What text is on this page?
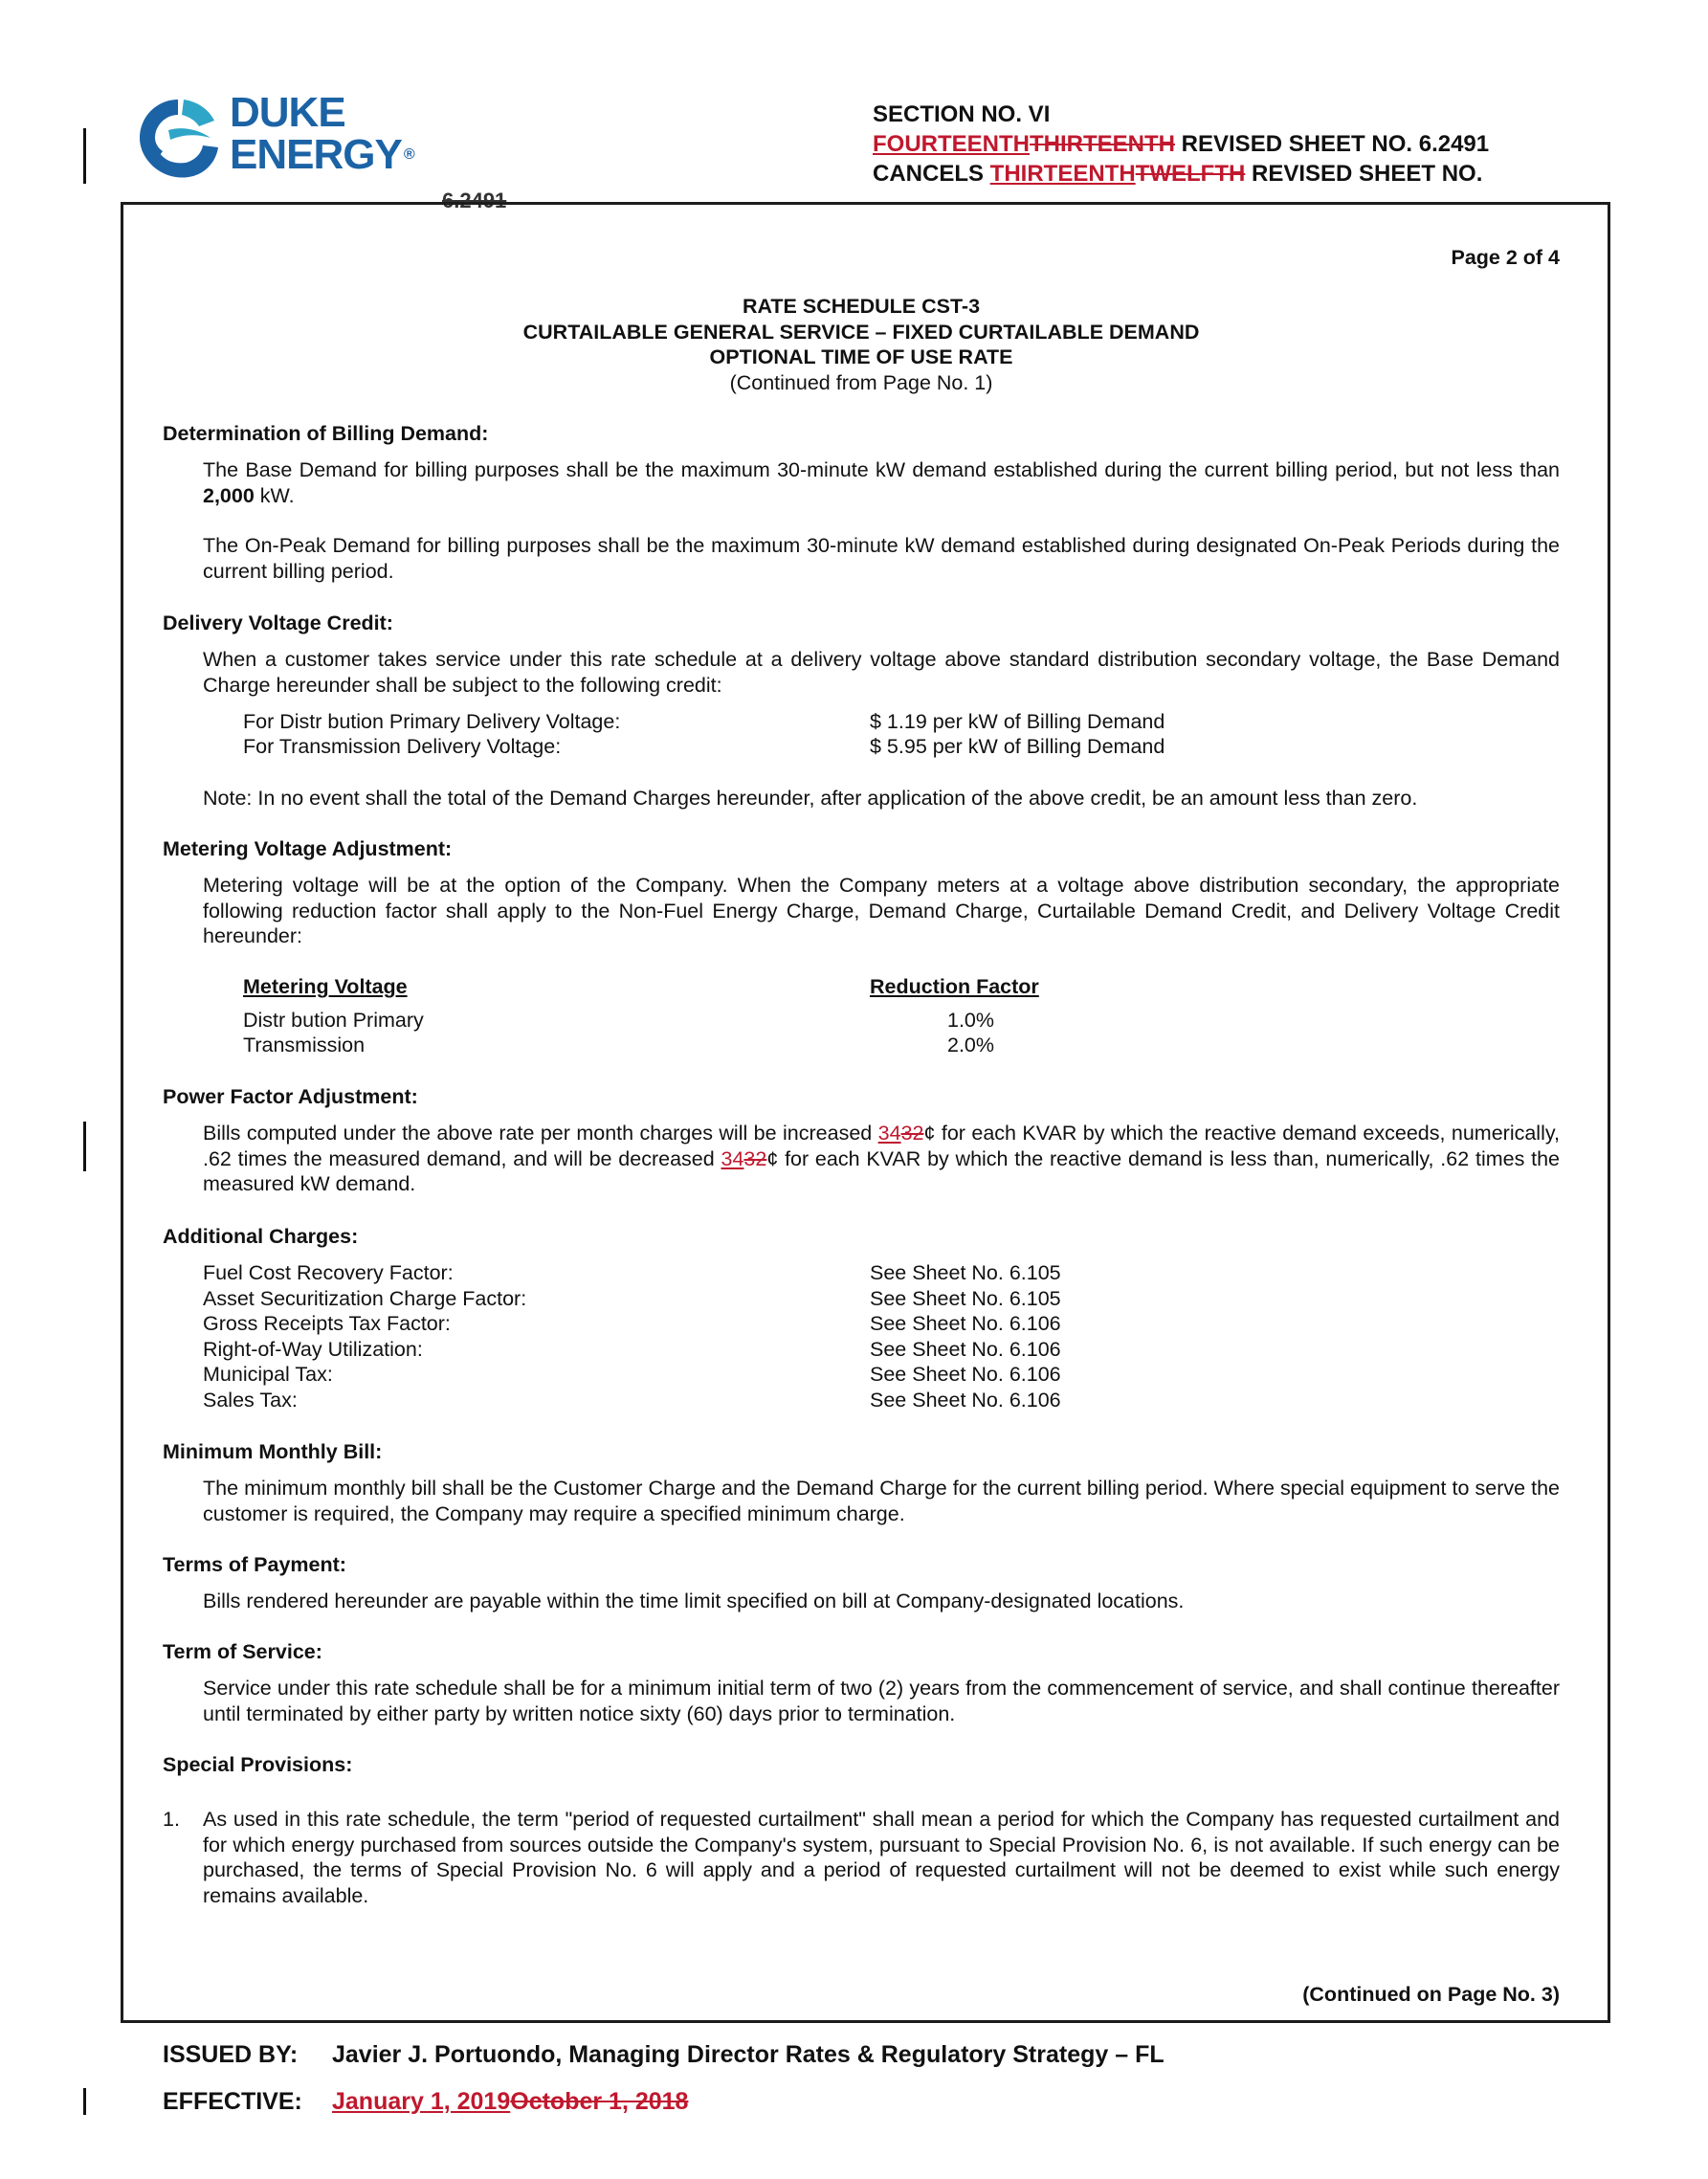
DUKE
ENERGY ®
SECTION NO. VI
FOURTEENTHTHIRTEENTH REVISED SHEET NO. 6.2491
CANCELS THIRTEENTHTWELFTH REVISED SHEET NO.
6.2491
Page 2 of 4
RATE SCHEDULE CST-3
CURTAILABLE GENERAL SERVICE – FIXED CURTAILABLE DEMAND
OPTIONAL TIME OF USE RATE
(Continued from Page No. 1)
Determination of Billing Demand:
The Base Demand for billing purposes shall be the maximum 30-minute kW demand established during the current billing period, but not less than 2,000 kW.
The On-Peak Demand for billing purposes shall be the maximum 30-minute kW demand established during designated On-Peak Periods during the current billing period.
Delivery Voltage Credit:
When a customer takes service under this rate schedule at a delivery voltage above standard distribution secondary voltage, the Base Demand Charge hereunder shall be subject to the following credit:
For Distr bution Primary Delivery Voltage:	$ 1.19 per kW of Billing Demand
For Transmission Delivery Voltage:	$ 5.95 per kW of Billing Demand
Note: In no event shall the total of the Demand Charges hereunder, after application of the above credit, be an amount less than zero.
Metering Voltage Adjustment:
Metering voltage will be at the option of the Company. When the Company meters at a voltage above distribution secondary, the appropriate following reduction factor shall apply to the Non-Fuel Energy Charge, Demand Charge, Curtailable Demand Credit, and Delivery Voltage Credit hereunder:
Metering Voltage	Reduction Factor
Distr bution Primary	1.0%
Transmission	2.0%
Power Factor Adjustment:
Bills computed under the above rate per month charges will be increased 3432¢ for each KVAR by which the reactive demand exceeds, numerically, .62 times the measured demand, and will be decreased 3432¢ for each KVAR by which the reactive demand is less than, numerically, .62 times the measured kW demand.
Additional Charges:
Fuel Cost Recovery Factor:	See Sheet No. 6.105
Asset Securitization Charge Factor:	See Sheet No. 6.105
Gross Receipts Tax Factor:	See Sheet No. 6.106
Right-of-Way Utilization:	See Sheet No. 6.106
Municipal Tax:	See Sheet No. 6.106
Sales Tax:	See Sheet No. 6.106
Minimum Monthly Bill:
The minimum monthly bill shall be the Customer Charge and the Demand Charge for the current billing period. Where special equipment to serve the customer is required, the Company may require a specified minimum charge.
Terms of Payment:
Bills rendered hereunder are payable within the time limit specified on bill at Company-designated locations.
Term of Service:
Service under this rate schedule shall be for a minimum initial term of two (2) years from the commencement of service, and shall continue thereafter until terminated by either party by written notice sixty (60) days prior to termination.
Special Provisions:
1. As used in this rate schedule, the term "period of requested curtailment" shall mean a period for which the Company has requested curtailment and for which energy purchased from sources outside the Company's system, pursuant to Special Provision No. 6, is not available. If such energy can be purchased, the terms of Special Provision No. 6 will apply and a period of requested curtailment will not be deemed to exist while such energy remains available.
(Continued on Page No. 3)
ISSUED BY: Javier J. Portuondo, Managing Director Rates & Regulatory Strategy – FL
EFFECTIVE: January 1, 2019October 1, 2018
